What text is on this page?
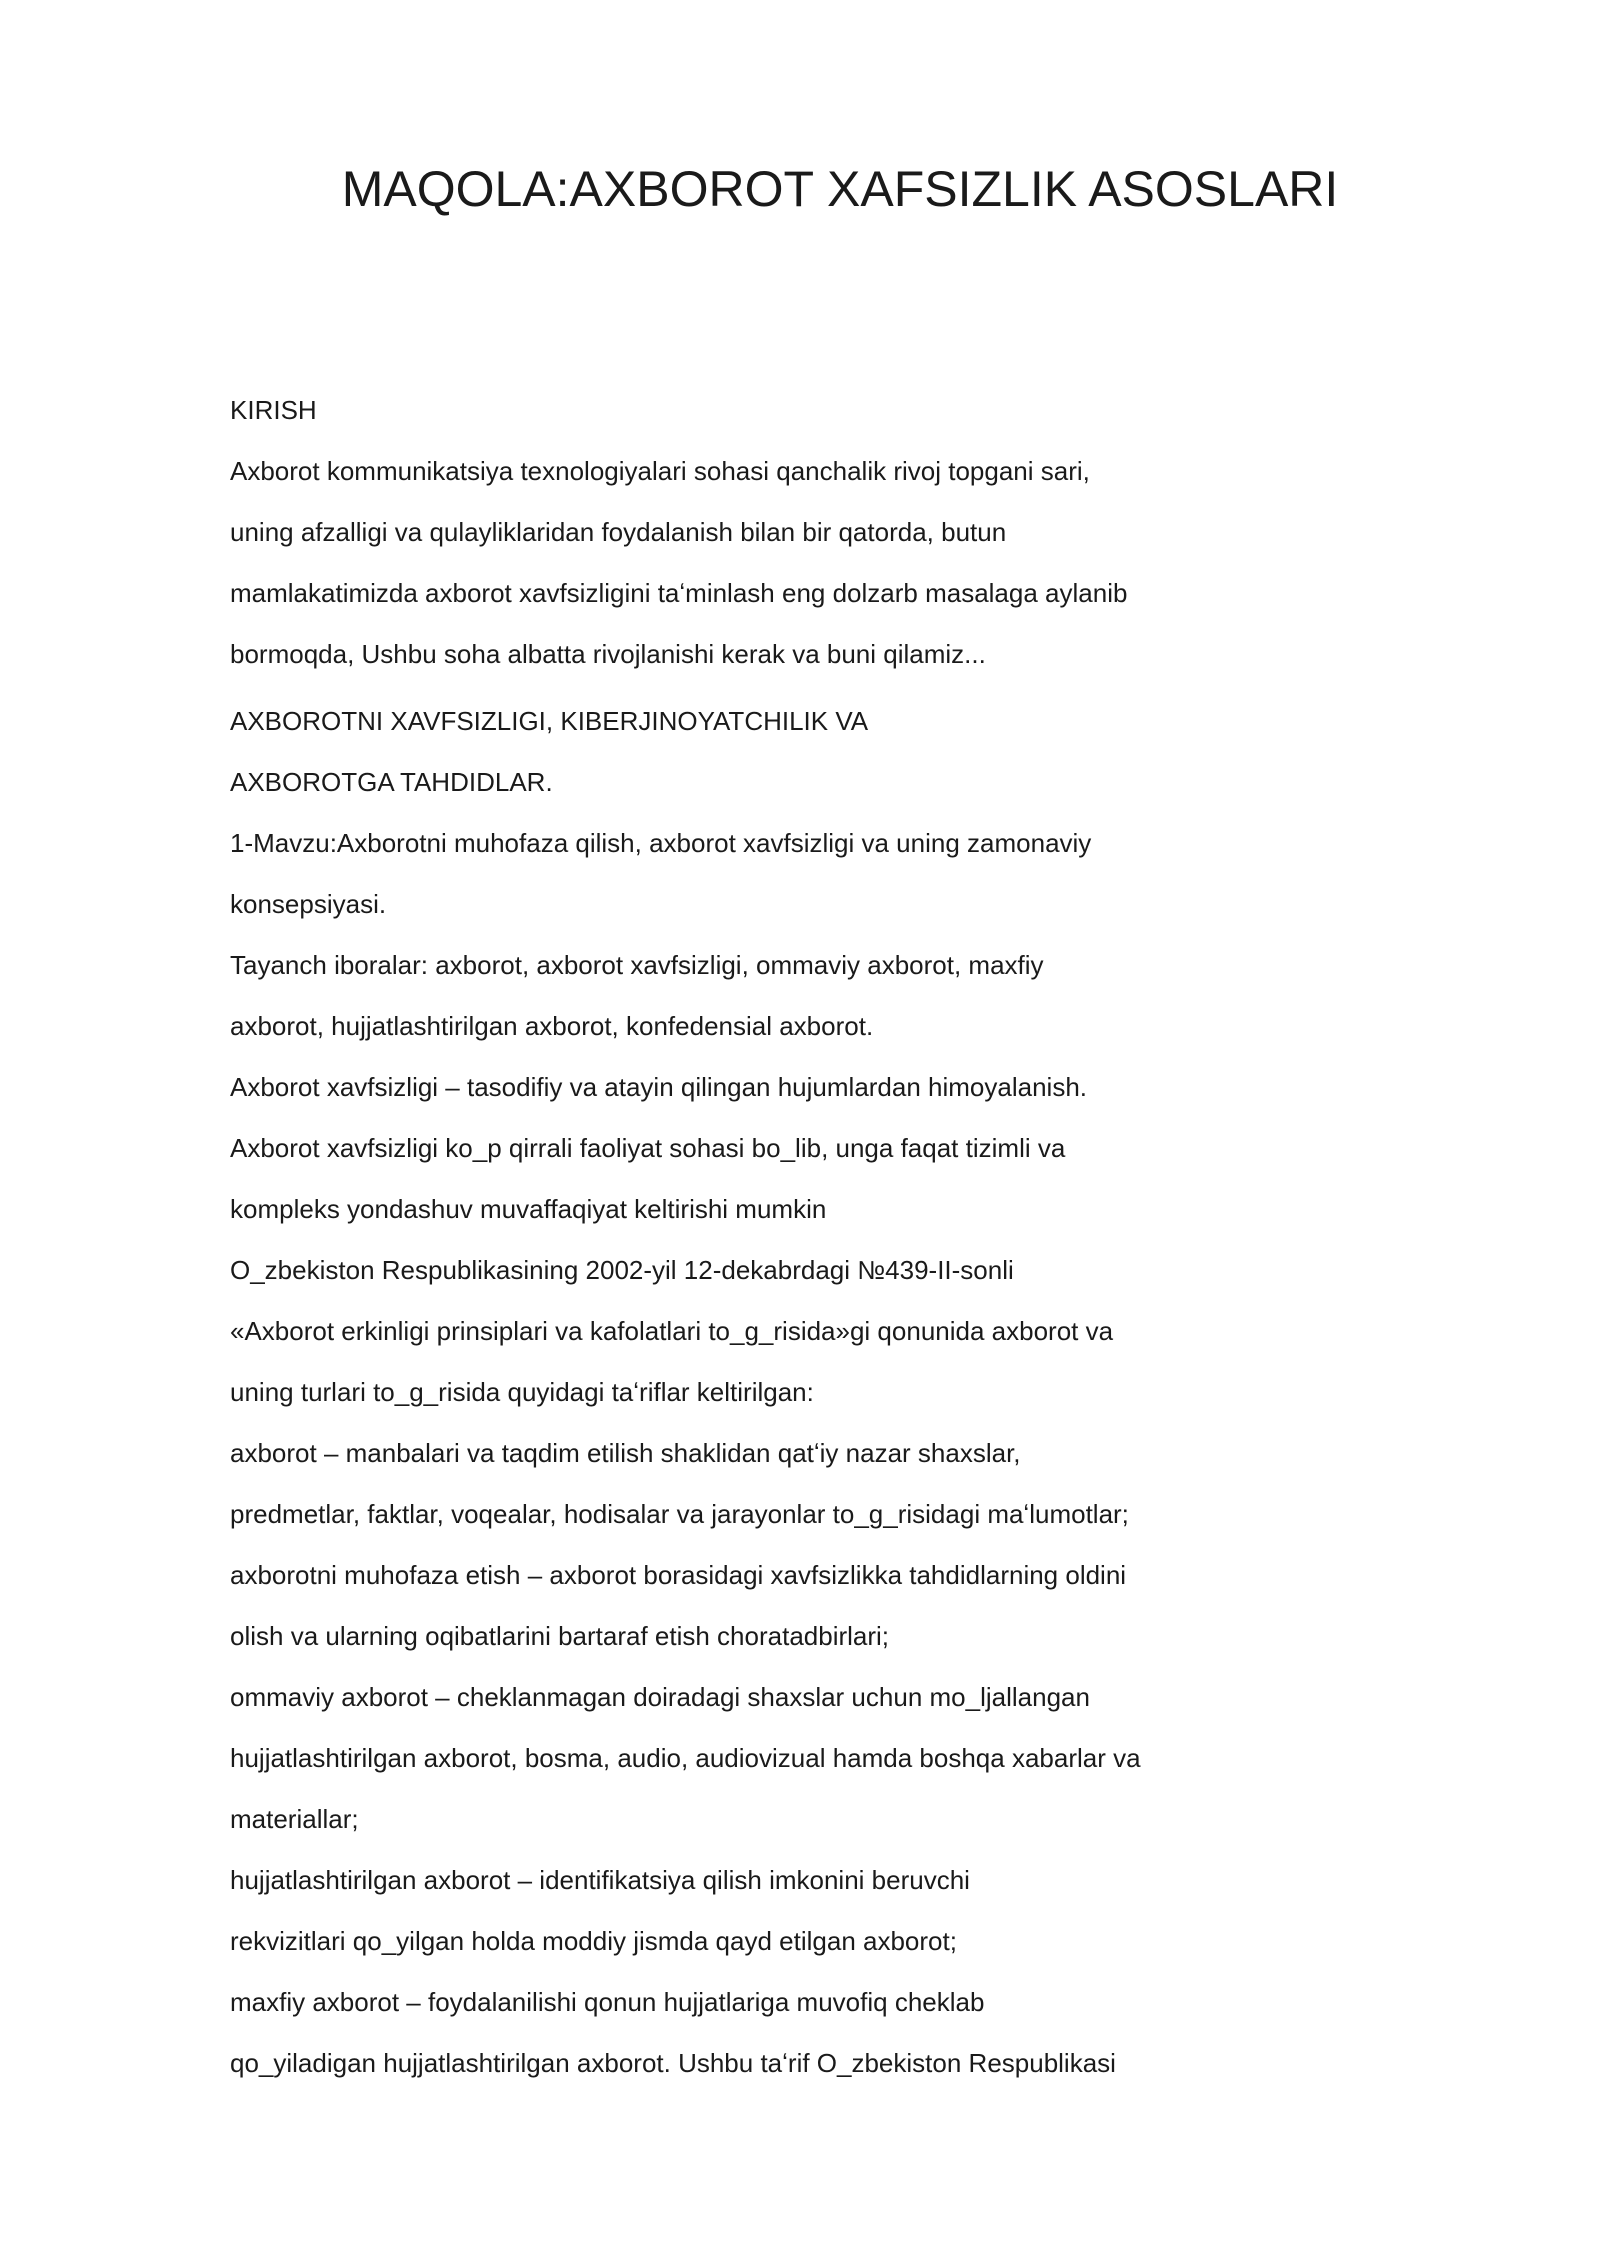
MAQOLA:AXBOROT XAFSIZLIK ASOSLARI
KIRISH
Axborot kommunikatsiya texnologiyalari sohasi qanchalik rivoj topgani sari,
uning afzalligi va qulayliklaridan foydalanish bilan bir qatorda, butun
mamlakatimizda axborot xavfsizligini taʻminlash eng dolzarb masalaga aylanib
bormoqda, Ushbu soha albatta rivojlanishi kerak va buni qilamiz...
AXBOROTNI XAVFSIZLIGI, KIBERJINOYATCHILIK VA
AXBOROTGA TAHDIDLAR.
1-Mavzu:Axborotni muhofaza qilish, axborot xavfsizligi va uning zamonaviy
konsepsiyasi.
Tayanch iboralar: axborot, axborot xavfsizligi, ommaviy axborot, maxfiy
axborot, hujjatlashtirilgan axborot, konfedensial axborot.
Axborot xavfsizligi – tasodifiy va atayin qilingan hujumlardan himoyalanish.
Axborot xavfsizligi ko_p qirrali faoliyat sohasi bo_lib, unga faqat tizimli va
kompleks yondashuv muvaffaqiyat keltirishi mumkin
O_zbekiston Respublikasining 2002-yil 12-dekabrdagi №439-II-sonli
«Axborot erkinligi prinsiplari va kafolatlari to_g_risida»gi qonunida axborot va
uning turlari to_g_risida quyidagi taʻriflar keltirilgan:
axborot – manbalari va taqdim etilish shaklidan qatʻiy nazar shaxslar,
predmetlar, faktlar, voqealar, hodisalar va jarayonlar to_g_risidagi maʻlumotlar;
axborotni muhofaza etish – axborot borasidagi xavfsizlikka tahdidlarning oldini
olish va ularning oqibatlarini bartaraf etish choratadbirlari;
ommaviy axborot – cheklanmagan doiradagi shaxslar uchun mo_ljallangan
hujjatlashtirilgan axborot, bosma, audio, audiovizual hamda boshqa xabarlar va
materiallar;
hujjatlashtirilgan axborot – identifikatsiya qilish imkonini beruvchi
rekvizitlari qo_yilgan holda moddiy jismda qayd etilgan axborot;
maxfiy axborot – foydalanilishi qonun hujjatlariga muvofiq cheklab
qo_yiladigan hujjatlashtirilgan axborot. Ushbu taʻrif O_zbekiston Respublikasi
